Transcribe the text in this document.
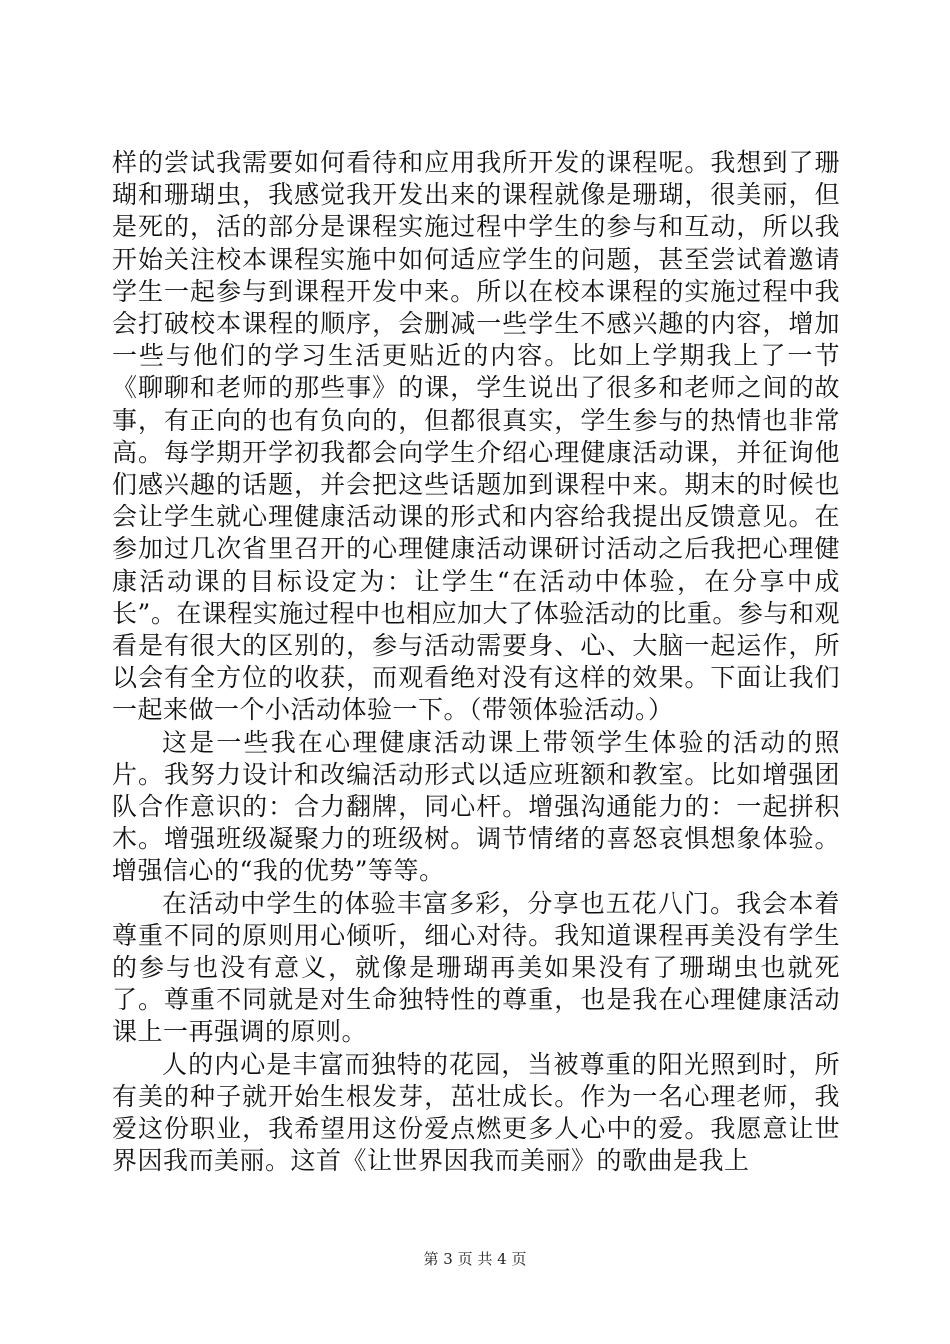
样的尝试我需要如何看待和应用我所开发的课程呢。我想到了珊瑚和珊瑚虫，我感觉我开发出来的课程就像是珊瑚，很美丽，但是死的，活的部分是课程实施过程中学生的参与和互动，所以我开始关注校本课程实施中如何适应学生的问题，甚至尝试着邀请学生一起参与到课程开发中来。所以在校本课程的实施过程中我会打破校本课程的顺序，会删减一些学生不感兴趣的内容，增加一些与他们的学习生活更贴近的内容。比如上学期我上了一节《聊聊和老师的那些事》的课，学生说出了很多和老师之间的故事，有正向的也有负向的，但都很真实，学生参与的热情也非常高。每学期开学初我都会向学生介绍心理健康活动课，并征询他们感兴趣的话题，并会把这些话题加到课程中来。期末的时候也会让学生就心理健康活动课的形式和内容给我提出反馈意见。在参加过几次省里召开的心理健康活动课研讨活动之后我把心理健康活动课的目标设定为：让学生“在活动中体验，在分享中成长”。在课程实施过程中也相应加大了体验活动的比重。参与和观看是有很大的区别的，参与活动需要身、心、大脑一起运作，所以会有全方位的收获，而观看绝对没有这样的效果。下面让我们一起来做一个小活动体验一下。（带领体验活动。）

这是一些我在心理健康活动课上带领学生体验的活动的照片。我努力设计和改编活动形式以适应班额和教室。比如增强团队合作意识的：合力翻牌，同心杆。增强沟通能力的：一起拼积木。增强班级凝聚力的班级树。调节情绪的喜怒哀惧想象体验。增强信心的“我的优势”等等。

在活动中学生的体验丰富多彩，分享也五花八门。我会本着尊重不同的原则用心倾听，细心对待。我知道课程再美没有学生的参与也没有意义，就像是珊瑚再美如果没有了珊瑚虫也就死了。尊重不同就是对生命独特性的尊重，也是我在心理健康活动课上一再强调的原则。

人的内心是丰富而独特的花园，当被尊重的阳光照到时，所有美的种子就开始生根发芽，茁壮成长。作为一名心理老师，我爱这份职业，我希望用这份爱点燃更多人心中的爱。我愿意让世界因我而美丽。这首《让世界因我而美丽》的歌曲是我上

第 3 页 共 4 页
